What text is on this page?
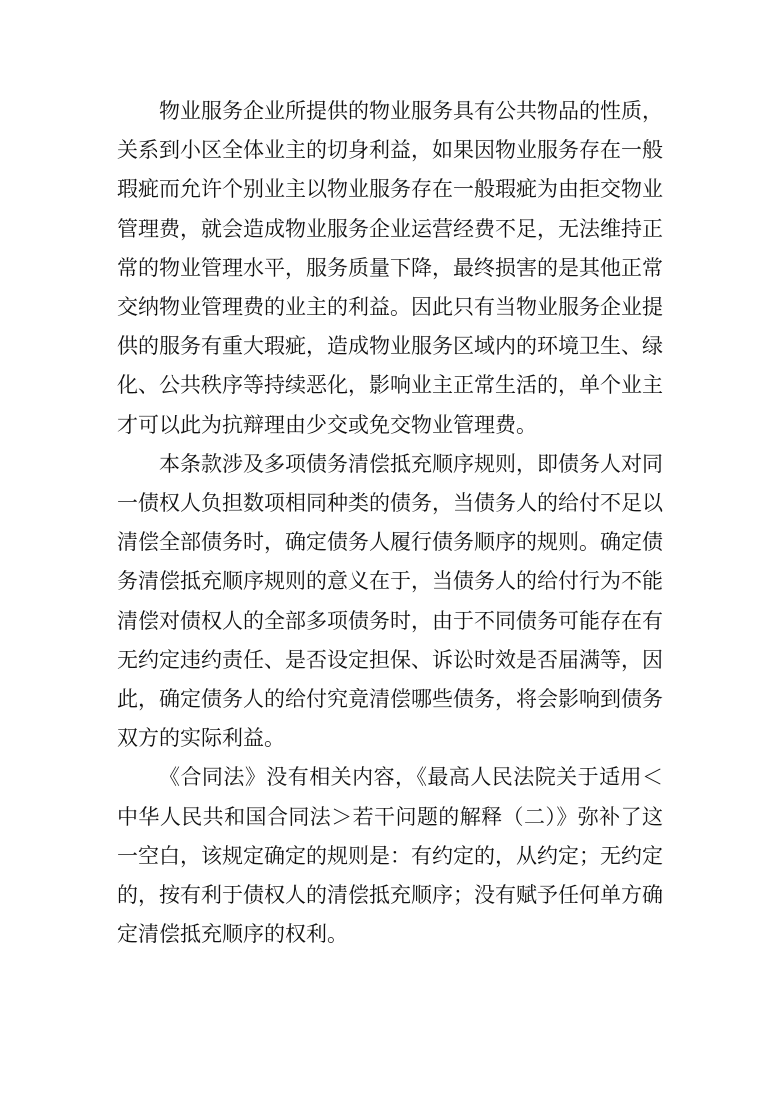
物业服务企业所提供的物业服务具有公共物品的性质，关系到小区全体业主的切身利益，如果因物业服务存在一般瑕疵而允许个别业主以物业服务存在一般瑕疵为由拒交物业管理费，就会造成物业服务企业运营经费不足，无法维持正常的物业管理水平，服务质量下降，最终损害的是其他正常交纳物业管理费的业主的利益。因此只有当物业服务企业提供的服务有重大瑕疵，造成物业服务区域内的环境卫生、绿化、公共秩序等持续恶化，影响业主正常生活的，单个业主才可以此为抗辩理由少交或免交物业管理费。

本条款涉及多项债务清偿抵充顺序规则，即债务人对同一债权人负担数项相同种类的债务，当债务人的给付不足以清偿全部债务时，确定债务人履行债务顺序的规则。确定债务清偿抵充顺序规则的意义在于，当债务人的给付行为不能清偿对债权人的全部多项债务时，由于不同债务可能存在有无约定违约责任、是否设定担保、诉讼时效是否届满等，因此，确定债务人的给付究竟清偿哪些债务，将会影响到债务双方的实际利益。

《合同法》没有相关内容，《最高人民法院关于适用＜中华人民共和国合同法＞若干问题的解释（二）》弥补了这一空白，该规定确定的规则是：有约定的，从约定；无约定的，按有利于债权人的清偿抵充顺序；没有赋予任何单方确定清偿抵充顺序的权利。
